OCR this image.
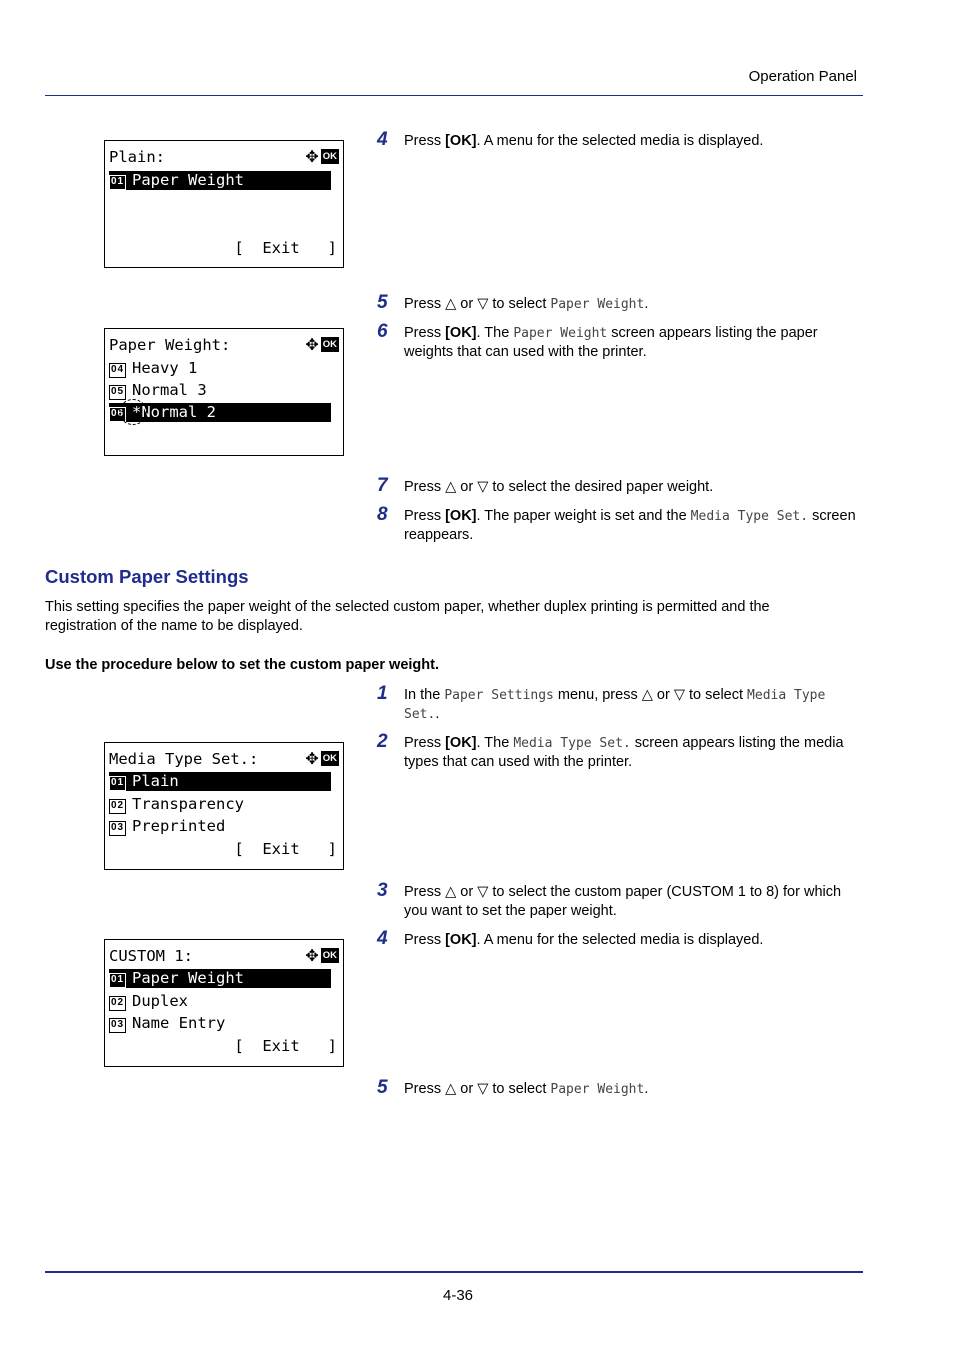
Operation Panel
Plain:	✥ OK
01 Paper Weight
[  Exit   ]
Paper Weight:	✥ OK
04 Heavy 1
05 Normal 3
06 *Normal 2
Media Type Set.:	✥ OK
01 Plain
02 Transparency
03 Preprinted
[  Exit   ]
CUSTOM 1:	✥ OK
01 Paper Weight
02 Duplex
03 Name Entry
[  Exit   ]
4 Press [OK]. A menu for the selected media is displayed.
5 Press △ or ▽ to select Paper Weight.
6 Press [OK]. The Paper Weight screen appears listing the paper weights that can used with the printer.
7 Press △ or ▽ to select the desired paper weight.
8 Press [OK]. The paper weight is set and the Media Type Set. screen reappears.
Custom Paper Settings
This setting specifies the paper weight of the selected custom paper, whether duplex printing is permitted and the registration of the name to be displayed.
Use the procedure below to set the custom paper weight.
1 In the Paper Settings menu, press △ or ▽ to select Media Type Set..
2 Press [OK]. The Media Type Set. screen appears listing the media types that can used with the printer.
3 Press △ or ▽ to select the custom paper (CUSTOM 1 to 8) for which you want to set the paper weight.
4 Press [OK]. A menu for the selected media is displayed.
5 Press △ or ▽ to select Paper Weight.
4-36
